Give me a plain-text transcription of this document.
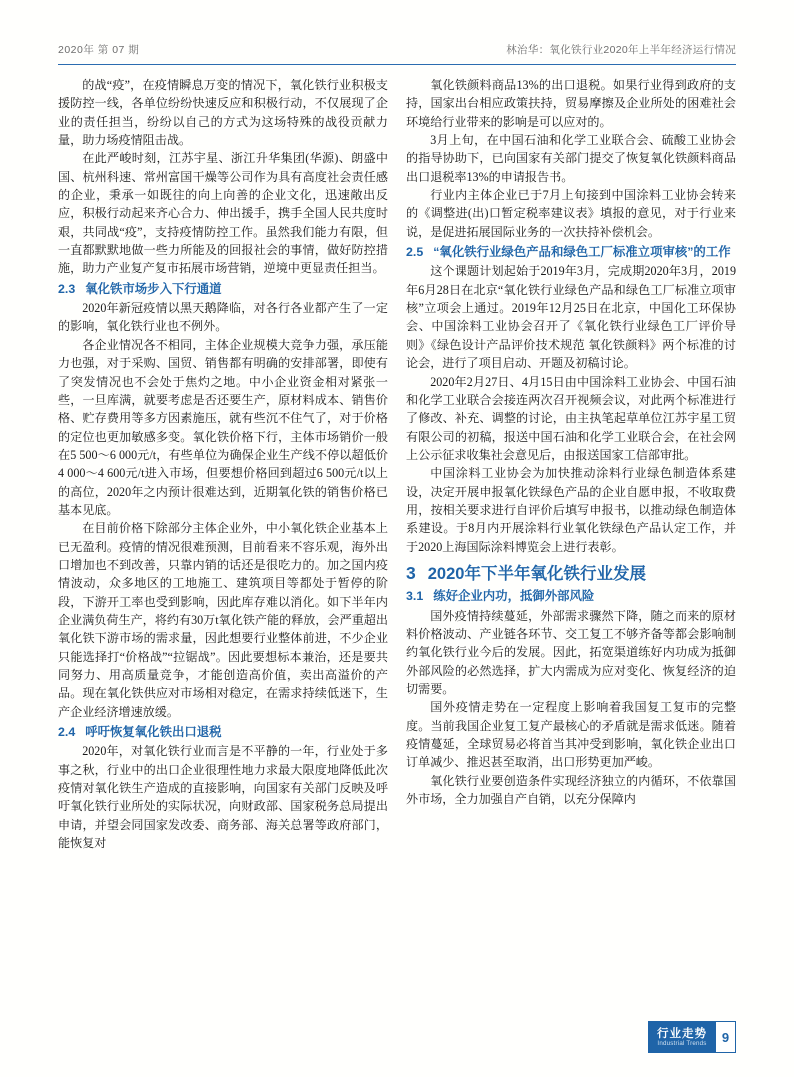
2020年 第 07 期	林治华：氧化铁行业2020年上半年经济运行情况

的战“疫”，在疫情瞬息万变的情况下，氧化铁行业积极支援防控一线，各单位纷纷快速反应和积极行动，不仅展现了企业的责任担当，纷纷以自己的方式为这场特殊的战役贡献力量，助力场疫情阻击战。

在此严峻时刻，江苏宇星、浙江升华集团(华源)、朗盛中国、杭州科速、常州富国干燥等公司作为具有高度社会责任感的企业，秉承一如既往的向上向善的企业文化，迅速敞出反应，积极行动起来齐心合力、伸出援手，携手全国人民共度时艰，共同战“疫”，支持疫情防控工作。虽然我们能力有限，但一直都默默地做一些力所能及的回报社会的事情，做好防控措施，助力产业复产复市拓展市场营销，逆境中更显责任担当。

2.3 氧化铁市场步入下行通道

2020年新冠疫情以黑天鹅降临，对各行各业都产生了一定的影响，氧化铁行业也不例外。

各企业情况各不相同，主体企业规模大竞争力强，承压能力也强，对于采购、国贸、销售都有明确的安排部署，即使有了突发情况也不会处于焦灼之地。中小企业资金相对紧张一些，一旦库满，就要考虑是否还要生产，原材料成本、销售价格、贮存费用等多方因素施压，就有些沉不住气了，对于价格的定位也更加敏感多变。氧化铁价格下行，主体市场销价一般在5 500～6 000元/t，有些单位为确保企业生产线不停以超低价4 000～4 600元/t进入市场，但要想价格回到超过6 500元/t以上的高位，2020年之内预计很难达到，近期氧化铁的销售价格已基本见底。

在目前价格下除部分主体企业外，中小氧化铁企业基本上已无盈利。疫情的情况很难预测，目前看来不容乐观，海外出口增加也不到改善，只靠内销的话还是很吃力的。加之国内疫情波动，众多地区的工地施工、建筑项目等都处于暂停的阶段，下游开工率也受到影响，因此库存难以消化。如下半年内企业满负荷生产，将约有30万t氧化铁产能的释放，会严重超出氧化铁下游市场的需求量，因此想要行业整体前进，不少企业只能选择打“价格战”“拉锯战”。因此要想标本兼治，还是要共同努力、用高质量竞争，才能创造高价值，卖出高溢价的产品。现在氧化铁供应对市场相对稳定，在需求持续低迷下，生产企业经济增速放缓。

2.4 呼吁恢复氧化铁出口退税

2020年，对氧化铁行业而言是不平静的一年，行业处于多事之秋，行业中的出口企业很理性地力求最大限度地降低此次疫情对氧化铁生产造成的直接影响，向国家有关部门反映及呼吁氧化铁行业所处的实际状况，向财政部、国家税务总局提出申请，并望会同国家发改委、商务部、海关总署等政府部门，能恢复对

氧化铁颜料商品13%的出口退税。如果行业得到政府的支持，国家出台相应政策扶持，贸易摩擦及企业所处的困难社会环境给行业带来的影响是可以应对的。

3月上旬，在中国石油和化学工业联合会、硫酸工业协会的指导协助下，已向国家有关部门提交了恢复氧化铁颜料商品出口退税率13%的申请报告书。

行业内主体企业已于7月上旬接到中国涂料工业协会转来的《调整进(出)口暂定税率建议表》填报的意见，对于行业来说，是促进拓展国际业务的一次扶持补偿机会。

2.5 “氧化铁行业绿色产品和绿色工厂标准立项审核”的工作

这个课题计划起始于2019年3月，完成期2020年3月，2019年6月28日在北京“氧化铁行业绿色产品和绿色工厂标准立项审核”立项会上通过。2019年12月25日在北京，中国化工环保协会、中国涂料工业协会召开了《氧化铁行业绿色工厂评价导则》《绿色设计产品评价技术规范 氧化铁颜料》两个标准的讨论会，进行了项目启动、开题及初稿讨论。

2020年2月27日、4月15日由中国涂料工业协会、中国石油和化学工业联合会接连两次召开视频会议，对此两个标准进行了修改、补充、调整的讨论，由主执笔起草单位江苏宇星工贸有限公司的初稿，报送中国石油和化学工业联合会，在社会网上公示征求收集社会意见后，由报送国家工信部审批。

中国涂料工业协会为加快推动涂料行业绿色制造体系建设，决定开展申报氧化铁绿色产品的企业自愿申报，不收取费用，按相关要求进行自评价后填写申报书，以推动绿色制造体系建设。于8月内开展涂料行业氧化铁绿色产品认定工作，并于2020上海国际涂料博览会上进行表彰。

3 2020年下半年氧化铁行业发展
3.1 练好企业内功，抵御外部风险

国外疫情持续蔓延，外部需求骤然下降，随之而来的原材料价格波动、产业链各环节、交工复工不够齐备等都会影响制约氧化铁行业今后的发展。因此，拓宽渠道练好内功成为抵御外部风险的必然选择，扩大内需成为应对变化、恢复经济的迫切需要。

国外疫情走势在一定程度上影响着我国复工复市的完整度。当前我国企业复工复产最核心的矛盾就是需求低迷。随着疫情蔓延，全球贸易必将首当其冲受到影响，氧化铁企业出口订单减少、推迟甚至取消，出口形势更加严峻。

氧化铁行业要创造条件实现经济独立的内循环，不依靠国外市场，全力加强自产自销，以充分保障内

行业走势
Industrial Trends	9
